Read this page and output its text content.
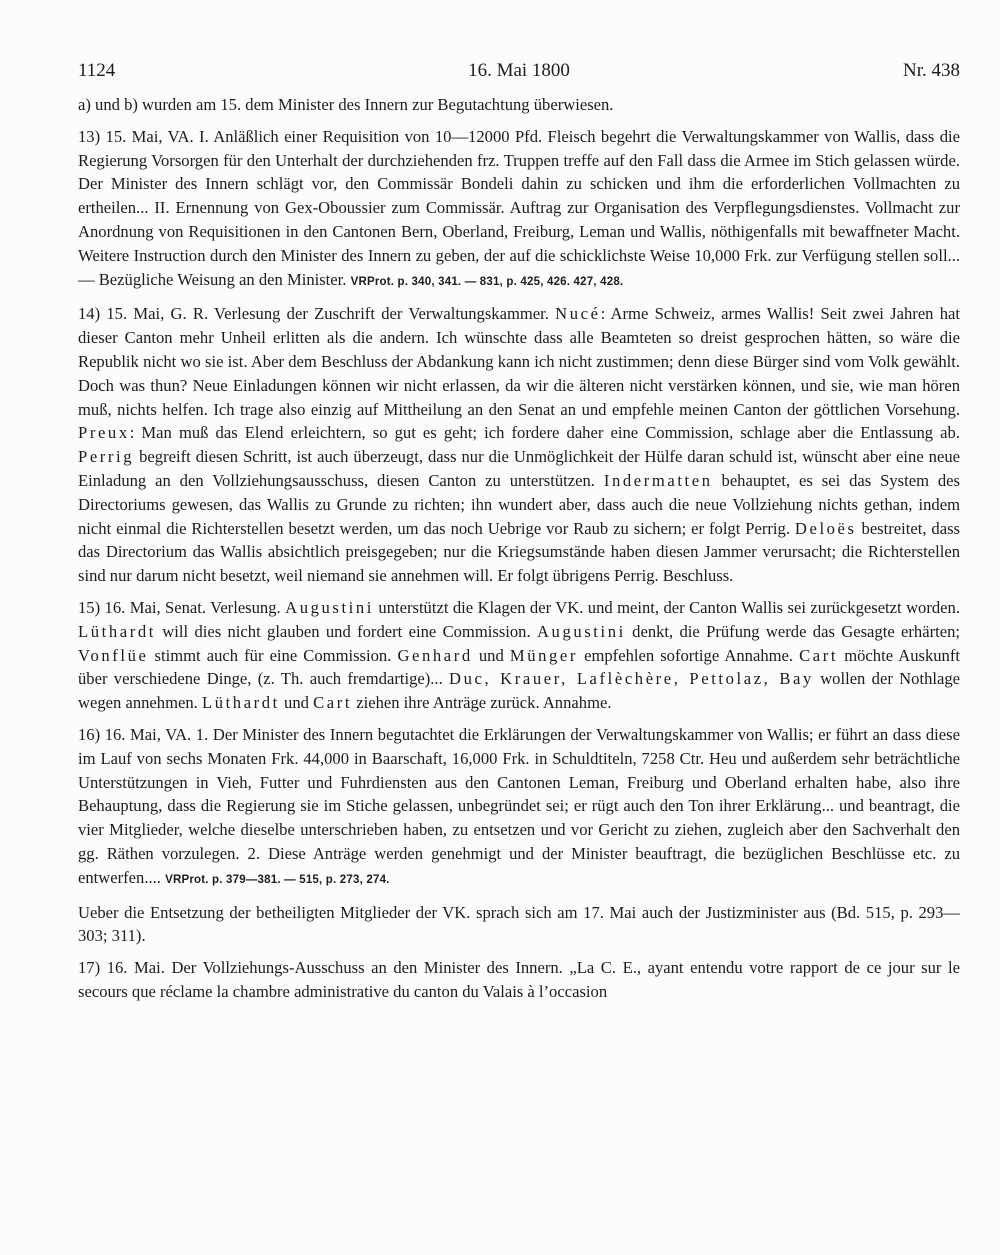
1124	16. Mai 1800	Nr. 438

a) und b) wurden am 15. dem Minister des Innern zur Begutachtung überwiesen.

13) 15. Mai, VA. I. Anläßlich einer Requisition von 10—12000 Pfd. Fleisch begehrt die Verwaltungskammer von Wallis, dass die Regierung Vorsorgen für den Unterhalt der durchziehenden frz. Truppen treffe auf den Fall dass die Armee im Stich gelassen würde. Der Minister des Innern schlägt vor, den Commissär Bondeli dahin zu schicken und ihm die erforderlichen Vollmachten zu ertheilen... II. Ernennung von Gex-Oboussier zum Commissär. Auftrag zur Organisation des Verpflegungsdienstes. Vollmacht zur Anordnung von Requisitionen in den Cantonen Bern, Oberland, Freiburg, Leman und Wallis, nöthigenfalls mit bewaffneter Macht. Weitere Instruction durch den Minister des Innern zu geben, der auf die schicklichste Weise 10,000 Frk. zur Verfügung stellen soll... — Bezügliche Weisung an den Minister. VRProt. p. 340, 341. — 831, p. 425, 426. 427, 428.

14) 15. Mai, G. R. Verlesung der Zuschrift der Verwaltungskammer. Nucé: Arme Schweiz, armes Wallis! Seit zwei Jahren hat dieser Canton mehr Unheil erlitten als die andern. Ich wünschte dass alle Beamteten so dreist gesprochen hätten, so wäre die Republik nicht wo sie ist. Aber dem Beschluss der Abdankung kann ich nicht zustimmen; denn diese Bürger sind vom Volk gewählt. Doch was thun? Neue Einladungen können wir nicht erlassen, da wir die älteren nicht verstärken können, und sie, wie man hören muß, nichts helfen. Ich trage also einzig auf Mittheilung an den Senat an und empfehle meinen Canton der göttlichen Vorsehung. Preux: Man muß das Elend erleichtern, so gut es geht; ich fordere daher eine Commission, schlage aber die Entlassung ab. Perrig begreift diesen Schritt, ist auch überzeugt, dass nur die Unmöglichkeit der Hülfe daran schuld ist, wünscht aber eine neue Einladung an den Vollziehungsausschuss, diesen Canton zu unterstützen. Indermatten behauptet, es sei das System des Directoriums gewesen, das Wallis zu Grunde zu richten; ihn wundert aber, dass auch die neue Vollziehung nichts gethan, indem nicht einmal die Richterstellen besetzt werden, um das noch Uebrige vor Raub zu sichern; er folgt Perrig. Deloës bestreitet, dass das Directorium das Wallis absichtlich preisgegeben; nur die Kriegsumstände haben diesen Jammer verursacht; die Richterstellen sind nur darum nicht besetzt, weil niemand sie annehmen will. Er folgt übrigens Perrig. Beschluss.

15) 16. Mai, Senat. Verlesung. Augustini unterstützt die Klagen der VK. und meint, der Canton Wallis sei zurückgesetzt worden. Lüthardt will dies nicht glauben und fordert eine Commission. Augustini denkt, die Prüfung werde das Gesagte erhärten; Vonflüe stimmt auch für eine Commission. Genhard und Münger empfehlen sofortige Annahme. Cart möchte Auskunft über verschiedene Dinge, (z. Th. auch fremdartige)... Duc, Krauer, Laflèchère, Pettolaz, Bay wollen der Nothlage wegen annehmen. Lüthardt und Cart ziehen ihre Anträge zurück. Annahme.

16) 16. Mai, VA. 1. Der Minister des Innern begutachtet die Erklärungen der Verwaltungskammer von Wallis; er führt an dass diese im Lauf von sechs Monaten Frk. 44,000 in Baarschaft, 16,000 Frk. in Schuldtiteln, 7258 Ctr. Heu und außerdem sehr beträchtliche Unterstützungen in Vieh, Futter und Fuhrdiensten aus den Cantonen Leman, Freiburg und Oberland erhalten habe, also ihre Behauptung, dass die Regierung sie im Stiche gelassen, unbegründet sei; er rügt auch den Ton ihrer Erklärung... und beantragt, die vier Mitglieder, welche dieselbe unterschrieben haben, zu entsetzen und vor Gericht zu ziehen, zugleich aber den Sachverhalt den gg. Räthen vorzulegen. 2. Diese Anträge werden genehmigt und der Minister beauftragt, die bezüglichen Beschlüsse etc. zu entwerfen.... VRProt. p. 379—381. — 515, p. 273, 274.

Ueber die Entsetzung der betheiligten Mitglieder der VK. sprach sich am 17. Mai auch der Justizminister aus (Bd. 515, p. 293—303; 311).

17) 16. Mai. Der Vollziehungs-Ausschuss an den Minister des Innern. „La C. E., ayant entendu votre rapport de ce jour sur le secours que réclame la chambre administrative du canton du Valais à l’occasion
